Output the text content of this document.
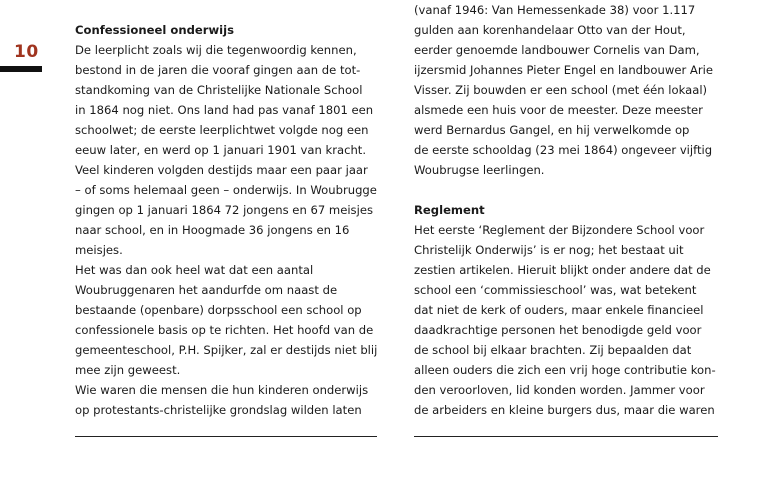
10
Confessioneel onderwijs
De leerplicht zoals wij die tegenwoordig kennen,
bestond in de jaren die vooraf gingen aan de tot-
standkoming van de Christelijke Nationale School
in 1864 nog niet. Ons land had pas vanaf 1801 een
schoolwet; de eerste leerplichtwet volgde nog een
eeuw later, en werd op 1 januari 1901 van kracht.
Veel kinderen volgden destijds maar een paar jaar
– of soms helemaal geen – onderwijs. In Woubrugge
gingen op 1 januari 1864 72 jongens en 67 meisjes
naar school, en in Hoogmade 36 jongens en 16
meisjes.
Het was dan ook heel wat dat een aantal
Woubruggenaren het aandurfde om naast de
bestaande (openbare) dorpsschool een school op
confessionele basis op te richten. Het hoofd van de
gemeenteschool, P.H. Spijker, zal er destijds niet blij
mee zijn geweest.
Wie waren die mensen die hun kinderen onderwijs
op protestants-christelijke grondslag wilden laten
(vanaf 1946: Van Hemessenkade 38) voor 1.117
gulden aan korenhandelaar Otto van der Hout,
eerder genoemde landbouwer Cornelis van Dam,
ijzersmid Johannes Pieter Engel en landbouwer Arie
Visser. Zij bouwden er een school (met één lokaal)
alsmede een huis voor de meester. Deze meester
werd Bernardus Gangel, en hij verwelkomde op
de eerste schooldag (23 mei 1864) ongeveer vijftig
Woubrugse leerlingen.
Reglement
Het eerste ‘Reglement der Bijzondere School voor
Christelijk Onderwijs’ is er nog; het bestaat uit
zestien artikelen. Hieruit blijkt onder andere dat de
school een ‘commissieschool’ was, wat betekent
dat niet de kerk of ouders, maar enkele financieel
daadkrachtige personen het benodigde geld voor
de school bij elkaar brachten. Zij bepaalden dat
alleen ouders die zich een vrij hoge contributie kon-
den veroorloven, lid konden worden. Jammer voor
de arbeiders en kleine burgers dus, maar die waren
